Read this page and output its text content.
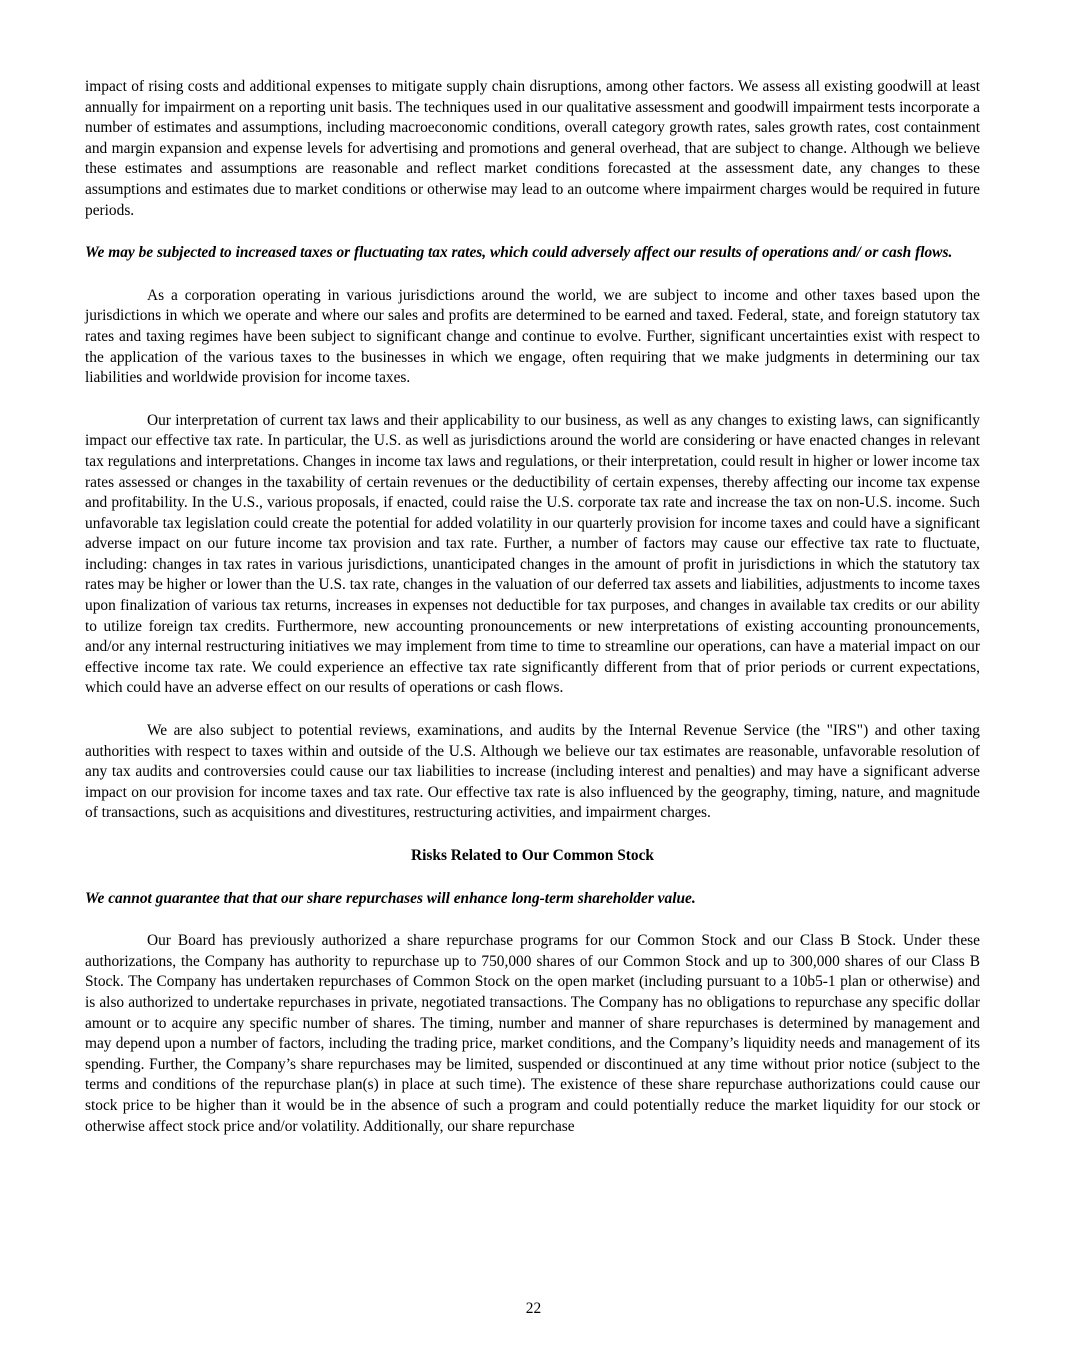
impact of rising costs and additional expenses to mitigate supply chain disruptions, among other factors. We assess all existing goodwill at least annually for impairment on a reporting unit basis. The techniques used in our qualitative assessment and goodwill impairment tests incorporate a number of estimates and assumptions, including macroeconomic conditions, overall category growth rates, sales growth rates, cost containment and margin expansion and expense levels for advertising and promotions and general overhead, that are subject to change. Although we believe these estimates and assumptions are reasonable and reflect market conditions forecasted at the assessment date, any changes to these assumptions and estimates due to market conditions or otherwise may lead to an outcome where impairment charges would be required in future periods.

We may be subjected to increased taxes or fluctuating tax rates, which could adversely affect our results of operations and/ or cash flows.

As a corporation operating in various jurisdictions around the world, we are subject to income and other taxes based upon the jurisdictions in which we operate and where our sales and profits are determined to be earned and taxed. Federal, state, and foreign statutory tax rates and taxing regimes have been subject to significant change and continue to evolve. Further, significant uncertainties exist with respect to the application of the various taxes to the businesses in which we engage, often requiring that we make judgments in determining our tax liabilities and worldwide provision for income taxes.

Our interpretation of current tax laws and their applicability to our business, as well as any changes to existing laws, can significantly impact our effective tax rate. In particular, the U.S. as well as jurisdictions around the world are considering or have enacted changes in relevant tax regulations and interpretations. Changes in income tax laws and regulations, or their interpretation, could result in higher or lower income tax rates assessed or changes in the taxability of certain revenues or the deductibility of certain expenses, thereby affecting our income tax expense and profitability. In the U.S., various proposals, if enacted, could raise the U.S. corporate tax rate and increase the tax on non-U.S. income. Such unfavorable tax legislation could create the potential for added volatility in our quarterly provision for income taxes and could have a significant adverse impact on our future income tax provision and tax rate. Further, a number of factors may cause our effective tax rate to fluctuate, including: changes in tax rates in various jurisdictions, unanticipated changes in the amount of profit in jurisdictions in which the statutory tax rates may be higher or lower than the U.S. tax rate, changes in the valuation of our deferred tax assets and liabilities, adjustments to income taxes upon finalization of various tax returns, increases in expenses not deductible for tax purposes, and changes in available tax credits or our ability to utilize foreign tax credits. Furthermore, new accounting pronouncements or new interpretations of existing accounting pronouncements, and/or any internal restructuring initiatives we may implement from time to time to streamline our operations, can have a material impact on our effective income tax rate. We could experience an effective tax rate significantly different from that of prior periods or current expectations, which could have an adverse effect on our results of operations or cash flows.

We are also subject to potential reviews, examinations, and audits by the Internal Revenue Service (the "IRS") and other taxing authorities with respect to taxes within and outside of the U.S. Although we believe our tax estimates are reasonable, unfavorable resolution of any tax audits and controversies could cause our tax liabilities to increase (including interest and penalties) and may have a significant adverse impact on our provision for income taxes and tax rate. Our effective tax rate is also influenced by the geography, timing, nature, and magnitude of transactions, such as acquisitions and divestitures, restructuring activities, and impairment charges.

Risks Related to Our Common Stock

We cannot guarantee that that our share repurchases will enhance long-term shareholder value.

Our Board has previously authorized a share repurchase programs for our Common Stock and our Class B Stock. Under these authorizations, the Company has authority to repurchase up to 750,000 shares of our Common Stock and up to 300,000 shares of our Class B Stock. The Company has undertaken repurchases of Common Stock on the open market (including pursuant to a 10b5-1 plan or otherwise) and is also authorized to undertake repurchases in private, negotiated transactions. The Company has no obligations to repurchase any specific dollar amount or to acquire any specific number of shares. The timing, number and manner of share repurchases is determined by management and may depend upon a number of factors, including the trading price, market conditions, and the Company’s liquidity needs and management of its spending. Further, the Company’s share repurchases may be limited, suspended or discontinued at any time without prior notice (subject to the terms and conditions of the repurchase plan(s) in place at such time). The existence of these share repurchase authorizations could cause our stock price to be higher than it would be in the absence of such a program and could potentially reduce the market liquidity for our stock or otherwise affect stock price and/or volatility. Additionally, our share repurchase

22
